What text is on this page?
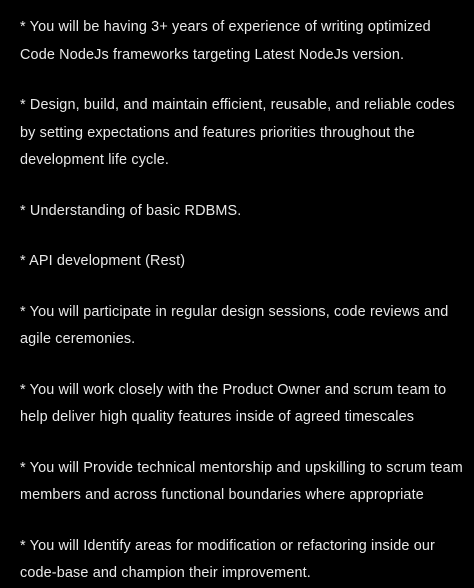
* You will be having 3+ years of experience of writing optimized
Code NodeJs frameworks targeting Latest NodeJs version.
* Design, build, and maintain efficient, reusable, and reliable codes
by setting expectations and features priorities throughout the
development life cycle.
* Understanding of basic RDBMS.
* API development (Rest)
* You will participate in regular design sessions, code reviews and
agile ceremonies.
* You will work closely with the Product Owner and scrum team to
help deliver high quality features inside of agreed timescales
* You will Provide technical mentorship and upskilling to scrum team
members and across functional boundaries where appropriate
* You will Identify areas for modification or refactoring inside our
code-base and champion their improvement.
